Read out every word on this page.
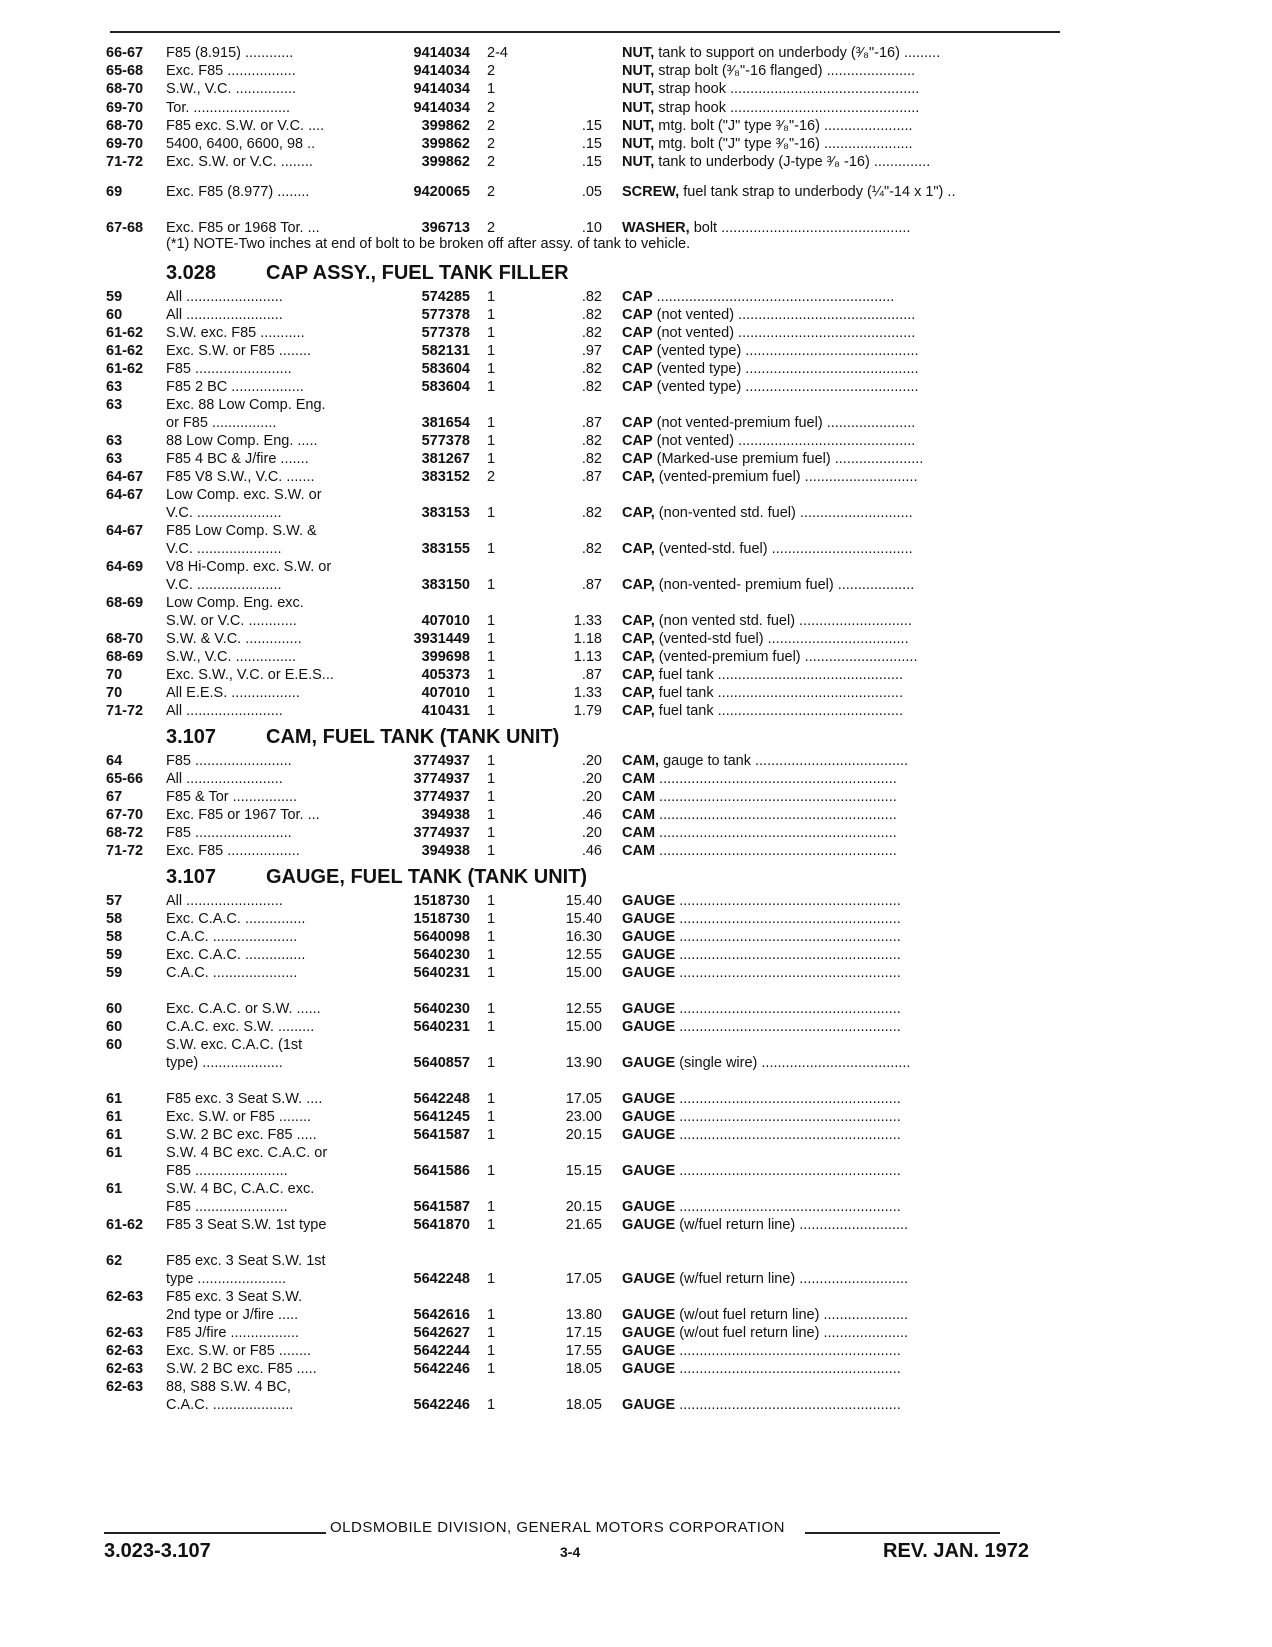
66-67	F85 (8.915) ............	9414034 2-4	NUT, tank to support on underbody (³⁄₈"-16) .........
65-68	Exc. F85 .................	9414034 2	NUT, strap bolt (³⁄₈"-16 flanged) ......................
68-70	S.W., V.C. ...............	9414034 1	NUT, strap hook ...............................................
69-70	Tor. ........................	9414034 2	NUT, strap hook ...............................................
68-70	F85 exc. S.W. or V.C. ....	399862 2	.15 NUT, mtg. bolt ("J" type ³⁄₈"-16) ......................
69-70	5400, 6400, 6600, 98 ..	399862 2	.15 NUT, mtg. bolt ("J" type ³⁄₈"-16) ......................
71-72	Exc. S.W. or V.C. ........	399862 2	.15 NUT, tank to underbody (J-type ³⁄₈ -16) ..............
69	Exc. F85 (8.977) ........	9420065 2	.05 SCREW, fuel tank strap to underbody (¼"-14 x 1") ..
67-68	Exc. F85 or 1968 Tor. ...	396713 2	.10 WASHER, bolt ...............................................
(*1) NOTE-Two inches at end of bolt to be broken off after assy. of tank to vehicle.
3.028 CAP ASSY., FUEL TANK FILLER
59	All ........................	574285 1	.82 CAP ...........................................................
60	All ........................	577378 1	.82 CAP (not vented) ............................................
61-62	S.W. exc. F85 ...........	577378 1	.82 CAP (not vented) ............................................
61-62	Exc. S.W. or F85 ........	582131 1	.97 CAP (vented type) ...........................................
61-62	F85 ........................	583604 1	.82 CAP (vented type) ...........................................
63	F85 2 BC ..................	583604 1	.82 CAP (vented type) ...........................................
63	Exc. 88 Low Comp. Eng.
or F85 ................	381654 1	.87 CAP (not vented-premium fuel) ......................
63	88 Low Comp. Eng. .....	577378 1	.82 CAP (not vented) ............................................
63	F85 4 BC & J/fire .......	381267 1	.82 CAP (Marked-use premium fuel) ......................
64-67	F85 V8 S.W., V.C. .......	383152 2	.87 CAP, (vented-premium fuel) ............................
64-67	Low Comp. exc. S.W. or
V.C. .....................	383153 1	.82 CAP, (non-vented std. fuel) ............................
64-67	F85 Low Comp. S.W. &
V.C. .....................	383155 1	.82 CAP, (vented-std. fuel) ...................................
64-69	V8 Hi-Comp. exc. S.W. or
V.C. .....................	383150 1	.87 CAP, (non-vented- premium fuel) ...................
68-69	Low Comp. Eng. exc.
S.W. or V.C. ............	407010 1	1.33 CAP, (non vented std. fuel) ............................
68-70	S.W. & V.C. ..............	3931449 1	1.18 CAP, (vented-std fuel) ...................................
68-69	S.W., V.C. ...............	399698 1	1.13 CAP, (vented-premium fuel) ............................
70	Exc. S.W., V.C. or E.E.S...	405373 1	.87 CAP, fuel tank ..............................................
70	All E.E.S. .................	407010 1	1.33 CAP, fuel tank ..............................................
71-72	All ........................	410431 1	1.79 CAP, fuel tank ..............................................
3.107 CAM, FUEL TANK (TANK UNIT)
64	F85 ........................	3774937 1	.20 CAM, gauge to tank ......................................
65-66	All ........................	3774937 1	.20 CAM ...........................................................
67	F85 & Tor ................	3774937 1	.20 CAM ...........................................................
67-70	Exc. F85 or 1967 Tor. ...	394938 1	.46 CAM ...........................................................
68-72	F85 ........................	3774937 1	.20 CAM ...........................................................
71-72	Exc. F85 ..................	394938 1	.46 CAM ...........................................................
3.107 GAUGE, FUEL TANK (TANK UNIT)
57	All ........................	1518730 1	15.40 GAUGE .......................................................
58	Exc. C.A.C. ...............	1518730 1	15.40 GAUGE .......................................................
58	C.A.C. .....................	5640098 1	16.30 GAUGE .......................................................
59	Exc. C.A.C. ...............	5640230 1	12.55 GAUGE .......................................................
59	C.A.C. .....................	5640231 1	15.00 GAUGE .......................................................
60	Exc. C.A.C. or S.W. ......	5640230 1	12.55 GAUGE .......................................................
60	C.A.C. exc. S.W. .........	5640231 1	15.00 GAUGE .......................................................
60	S.W. exc. C.A.C. (1st
type) ....................	5640857 1	13.90 GAUGE (single wire) .....................................
61	F85 exc. 3 Seat S.W. ....	5642248 1	17.05 GAUGE .......................................................
61	Exc. S.W. or F85 ........	5641245 1	23.00 GAUGE .......................................................
61	S.W. 2 BC exc. F85 .....	5641587 1	20.15 GAUGE .......................................................
61	S.W. 4 BC exc. C.A.C. or
F85 .......................	5641586 1	15.15 GAUGE .......................................................
61	S.W. 4 BC, C.A.C. exc.
F85 .......................	5641587 1	20.15 GAUGE .......................................................
61-62	F85 3 Seat S.W. 1st type	5641870 1	21.65 GAUGE (w/fuel return line) ...........................
62	F85 exc. 3 Seat S.W. 1st
type ......................	5642248 1	17.05 GAUGE (w/fuel return line) ...........................
62-63	F85 exc. 3 Seat S.W.
2nd type or J/fire .....	5642616 1	13.80 GAUGE (w/out fuel return line) .....................
62-63	F85 J/fire .................	5642627 1	17.15 GAUGE (w/out fuel return line) .....................
62-63	Exc. S.W. or F85 ........	5642244 1	17.55 GAUGE .......................................................
62-63	S.W. 2 BC exc. F85 .....	5642246 1	18.05 GAUGE .......................................................
62-63	88, S88 S.W. 4 BC,
C.A.C. ....................	5642246 1	18.05 GAUGE .......................................................
OLDSMOBILE DIVISION, GENERAL MOTORS CORPORATION
3.023-3.107	3-4	REV. JAN. 1972
